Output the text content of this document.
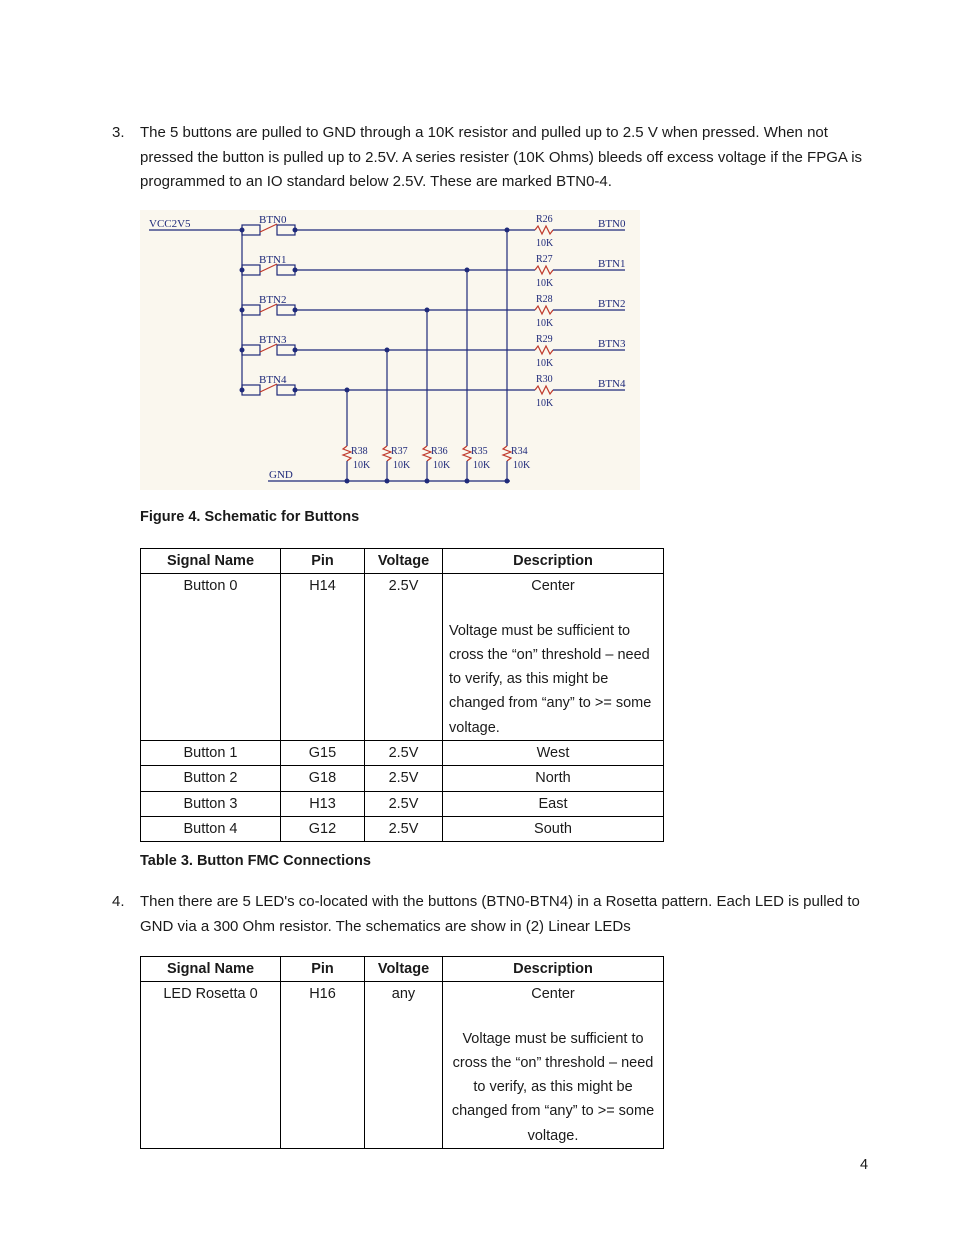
3. The 5 buttons are pulled to GND through a 10K resistor and pulled up to 2.5 V when pressed. When not pressed the button is pulled up to 2.5V. A series resister (10K Ohms) bleeds off excess voltage if the FPGA is programmed to an IO standard below 2.5V. These are marked BTN0-4.
VCC2V5
GND
BTN0	R26
10K
BTN0
BTN1	R27
10K
BTN1
BTN2	R28
10K
BTN2
BTN3	R29
10K
BTN3
BTN4	R30
10K
BTN4
R38
10K
R37
10K
R36
10K
R35
10K
R34
10K
Figure 4. Schematic for Buttons
Signal Name	Pin	Voltage	Description
Button 0	H14	2.5V	Center
Voltage must be sufficient to cross the “on” threshold – need to verify, as this might be changed from “any” to >= some voltage.

Button 1	G15	2.5V	West
Button 2	G18	2.5V	North
Button 3	H13	2.5V	East
Button 4	G12	2.5V	South
Table 3. Button FMC Connections
4. Then there are 5 LED's co-located with the buttons (BTN0-BTN4) in a Rosetta pattern. Each LED is pulled to GND via a 300 Ohm resistor. The schematics are show in (2) Linear LEDs
Signal Name	Pin	Voltage	Description
LED Rosetta 0	H16	any	Center
Voltage must be sufficient to cross the “on” threshold – need to verify, as this might be changed from “any” to >= some voltage.
4
